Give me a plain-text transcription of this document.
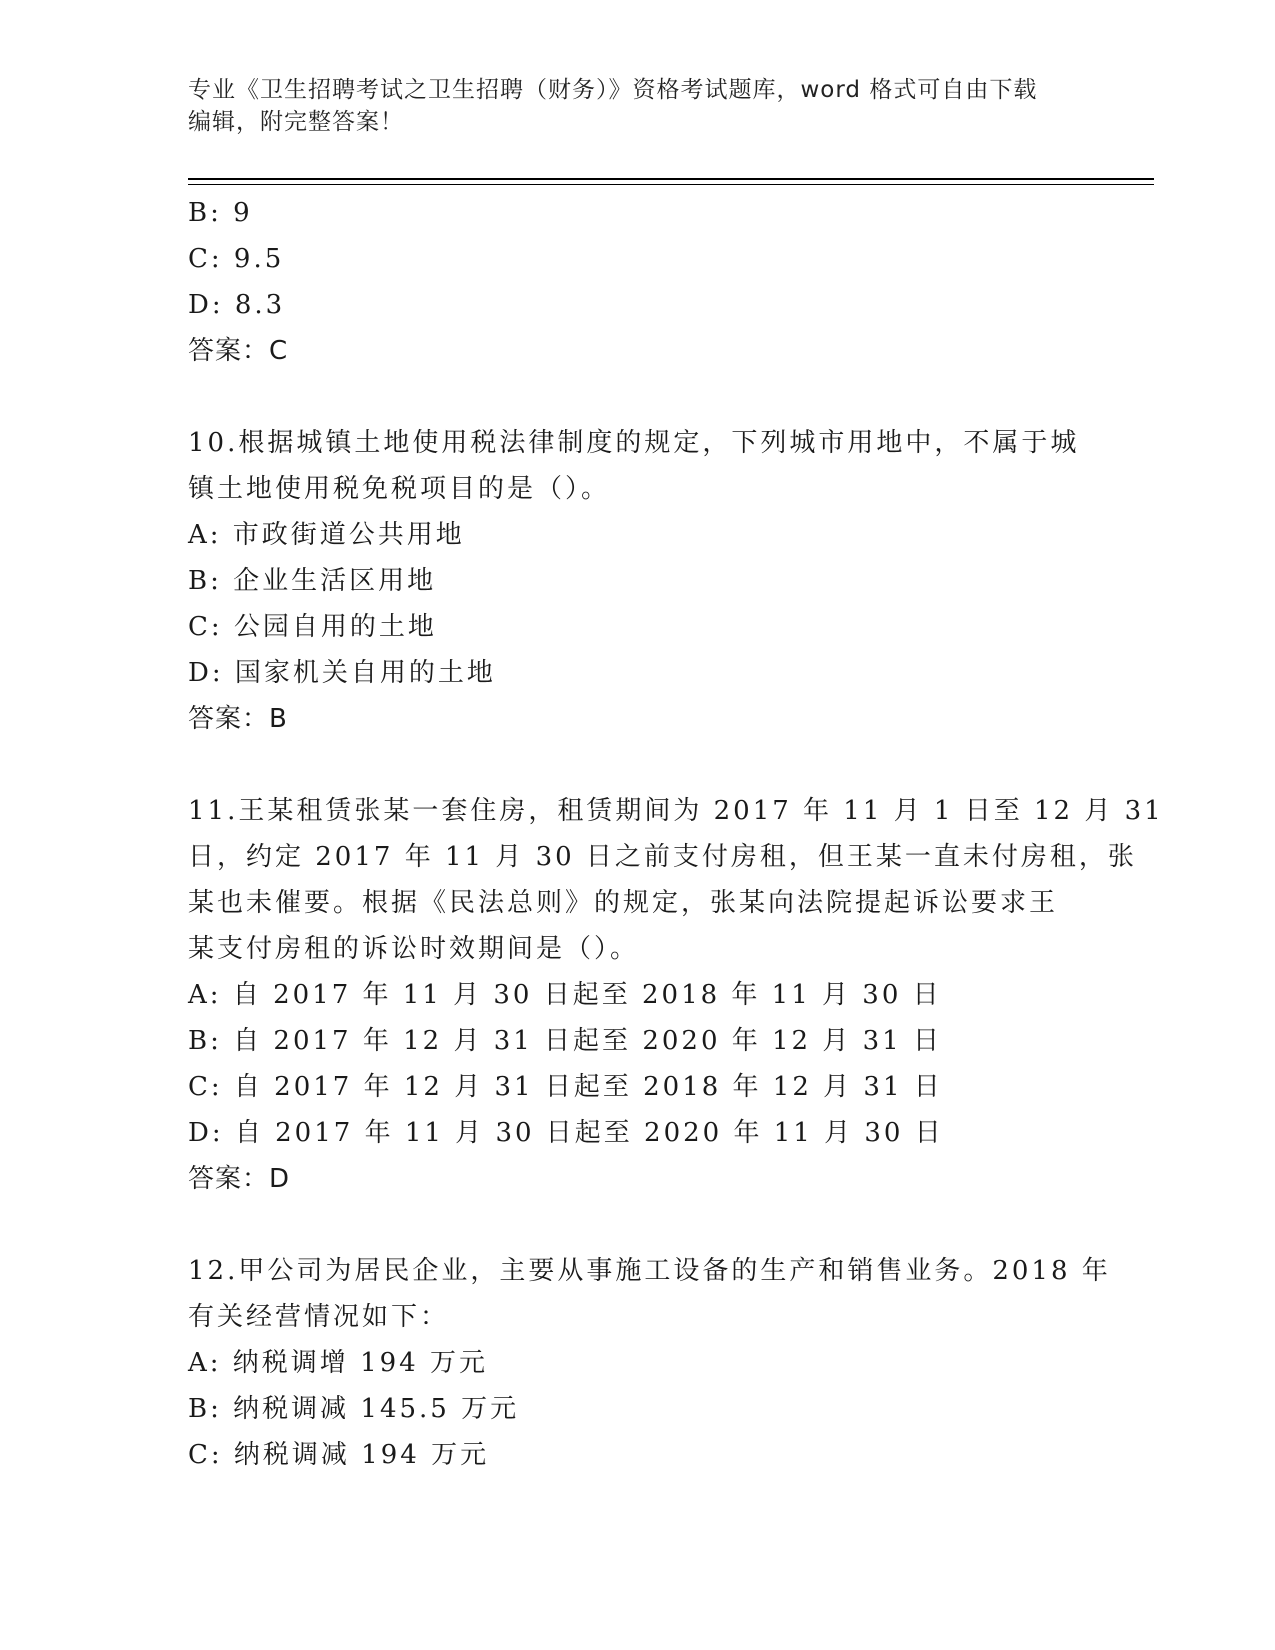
专业《卫生招聘考试之卫生招聘（财务）》资格考试题库，word 格式可自由下载
编辑，附完整答案！

B: 9

C: 9.5

D: 8.3

答案：C

10.根据城镇土地使用税法律制度的规定，下列城市用地中，不属于城

镇土地使用税免税项目的是（）。

A: 市政街道公共用地

B: 企业生活区用地

C: 公园自用的土地

D: 国家机关自用的土地

答案：B

11.王某租赁张某一套住房，租赁期间为 2017 年 11 月 1 日至 12 月 31

日，约定 2017 年 11 月 30 日之前支付房租，但王某一直未付房租，张

某也未催要。根据《民法总则》的规定，张某向法院提起诉讼要求王

某支付房租的诉讼时效期间是（）。

A: 自 2017 年 11 月 30 日起至 2018 年 11 月 30 日

B: 自 2017 年 12 月 31 日起至 2020 年 12 月 31 日

C: 自 2017 年 12 月 31 日起至 2018 年 12 月 31 日

D: 自 2017 年 11 月 30 日起至 2020 年 11 月 30 日

答案：D

12.甲公司为居民企业，主要从事施工设备的生产和销售业务。2018 年

有关经营情况如下：

A: 纳税调增 194 万元

B: 纳税调减 145.5 万元

C: 纳税调减 194 万元
